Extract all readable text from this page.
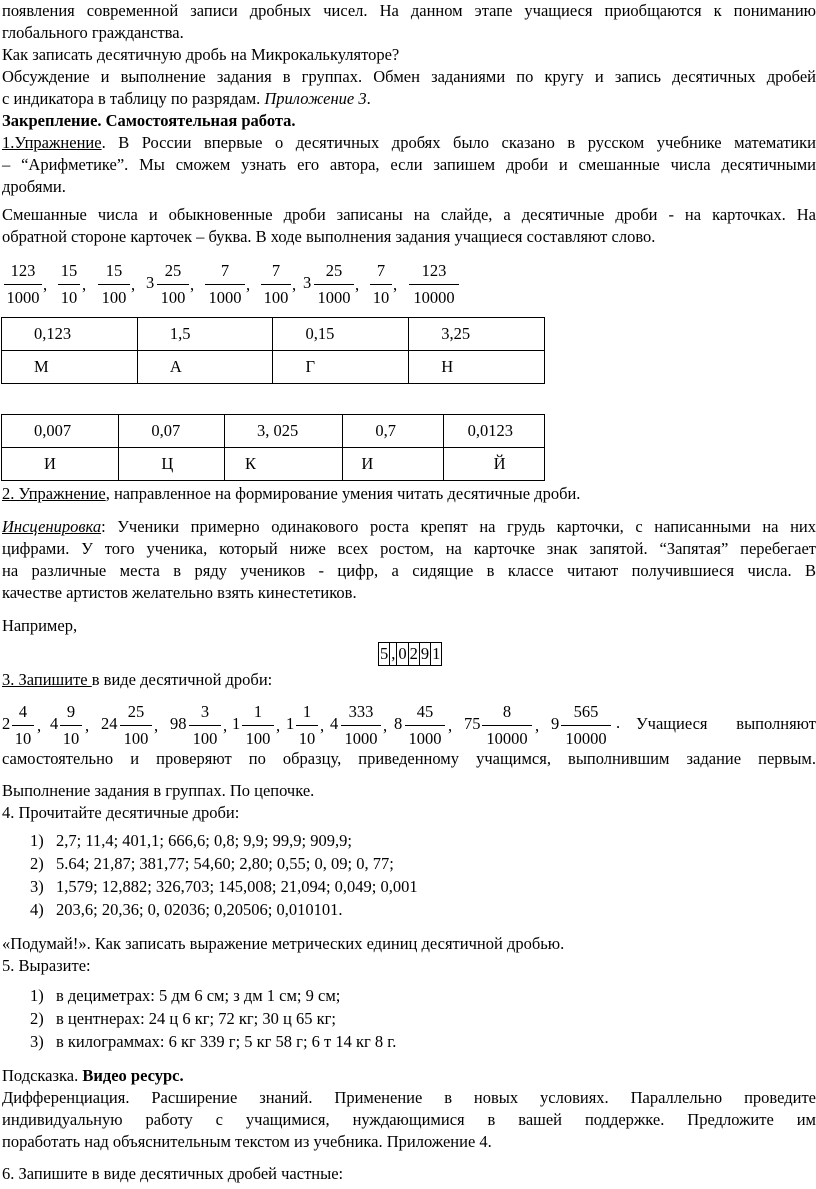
появления современной записи дробных чисел. На данном этапе учащиеся приобщаются к пониманию
глобального гражданства.
Как записать десятичную дробь на Микрокалькуляторе?
Обсуждение и выполнение задания в группах. Обмен заданиями по кругу и запись десятичных дробей
с индикатора в таблицу по разрядам. Приложение 3.
Закрепление. Самостоятельная работа.
1.Упражнение. В России впервые о десятичных дробях было сказано в русском учебнике математики
– “Арифметике”. Мы сможем узнать его автора, если запишем дроби и смешанные числа десятичными
дробями.
Смешанные числа и обыкновенные дроби записаны на слайде, а десятичные дроби - на карточках. На
обратной стороне карточек – буква. В ходе выполнения задания учащиеся составляют слово.
$\frac{123}{1000}$ , $\frac{15}{10}$ , $\frac{15}{100}$ , $3 \frac{25}{100}$ , $\frac{7}{1000}$ , $\frac{7}{100}$ , $3 \frac{25}{1000}$ , $\frac{7}{10}$ , $\frac{123}{10000}$
0,123	1,5	0,15	3,25
М	А	Г	Н
0,007	0,07	3, 025	0,7	0,0123
И	Ц	К	И	Й
2. Упражнение, направленное на формирование умения читать десятичные дроби.
Инсценировка: Ученики примерно одинакового роста крепят на грудь карточки, с написанными на них
цифрами. У того ученика, который ниже всех ростом, на карточке знак запятой. “Запятая” перебегает
на различные места в ряду учеников - цифр, а сидящие в классе читают получившиеся числа. В
качестве артистов желательно взять кинестетиков.
Например,
5 , 0 2 9 1
3. Запишите в виде десятичной дроби:
$2 \frac{4}{10}$ , $4 \frac{9}{10}$ , $24 \frac{25}{100}$ , $98 \frac{3}{100}$ , $1 \frac{1}{100}$ , $1 \frac{1}{10}$ , $4 \frac{333}{1000}$ , $8 \frac{45}{1000}$ , $75 \frac{8}{10000}$ , $9 \frac{565}{10000}$ . Учащиеся выполняют
самостоятельно и проверяют по образцу, приведенному учащимся, выполнившим задание первым.
Выполнение задания в группах. По цепочке.
4. Прочитайте десятичные дроби:
1) 2,7; 11,4; 401,1; 666,6; 0,8; 9,9; 99,9; 909,9;
2) 5.64; 21,87; 381,77; 54,60; 2,80; 0,55; 0, 09; 0, 77;
3) 1,579; 12,882; 326,703; 145,008; 21,094; 0,049; 0,001
4) 203,6; 20,36; 0, 02036; 0,20506; 0,010101.
«Подумай!». Как записать выражение метрических единиц десятичной дробью.
5. Выразите:
1) в дециметрах: 5 дм 6 см; з дм 1 см; 9 см;
2) в центнерах: 24 ц 6 кг; 72 кг; 30 ц 65 кг;
3) в килограммах: 6 кг 339 г; 5 кг 58 г; 6 т 14 кг 8 г.
Подсказка. Видео ресурс.
Дифференциация. Расширение знаний. Применение в новых условиях. Параллельно проведите
индивидуальную работу с учащимися, нуждающимися в вашей поддержке. Предложите им
поработать над объяснительным текстом из учебника. Приложение 4.
6. Запишите в виде десятичных дробей частные:
